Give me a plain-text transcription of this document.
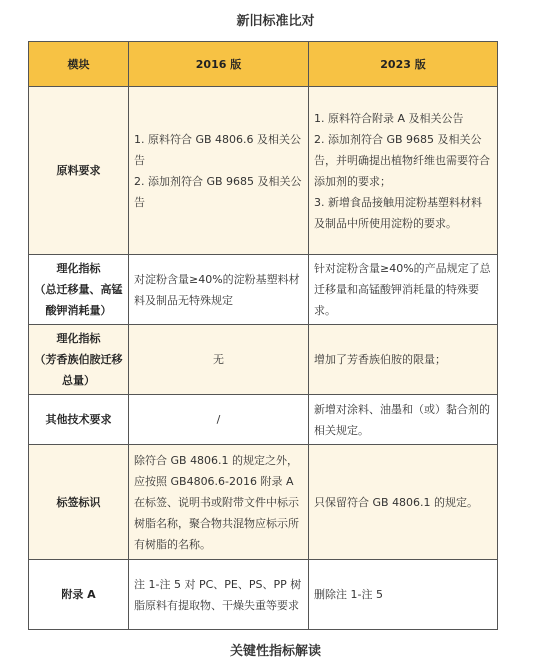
新旧标准比对
模块	2016 版	2023 版

原料要求	1. 原料符合 GB 4806.6 及相关公告
2. 添加剂符合 GB 9685 及相关公告	1. 原料符合附录 A 及相关公告
2. 添加剂符合 GB 9685 及相关公告，并明确提出植物纤维也需要符合添加剂的要求；
3. 新增食品接触用淀粉基塑料材料及制品中所使用淀粉的要求。

理化指标
（总迁移量、高锰酸钾消耗量）	对淀粉含量≥40%的淀粉基塑料材料及制品无特殊规定	针对淀粉含量≥40%的产品规定了总迁移量和高锰酸钾消耗量的特殊要求。

理化指标
（芳香族伯胺迁移总量）	无	增加了芳香族伯胺的限量；

其他技术要求	/	新增对涂料、油墨和（或）黏合剂的相关规定。

标签标识	除符合 GB 4806.1 的规定之外，应按照 GB4806.6-2016 附录 A 在标签、说明书或附带文件中标示树脂名称，聚合物共混物应标示所有树脂的名称。	只保留符合 GB 4806.1 的规定。

附录 A	注 1-注 5 对 PC、PE、PS、PP 树脂原料有提取物、干燥失重等要求	删除注 1-注 5
关键性指标解读
